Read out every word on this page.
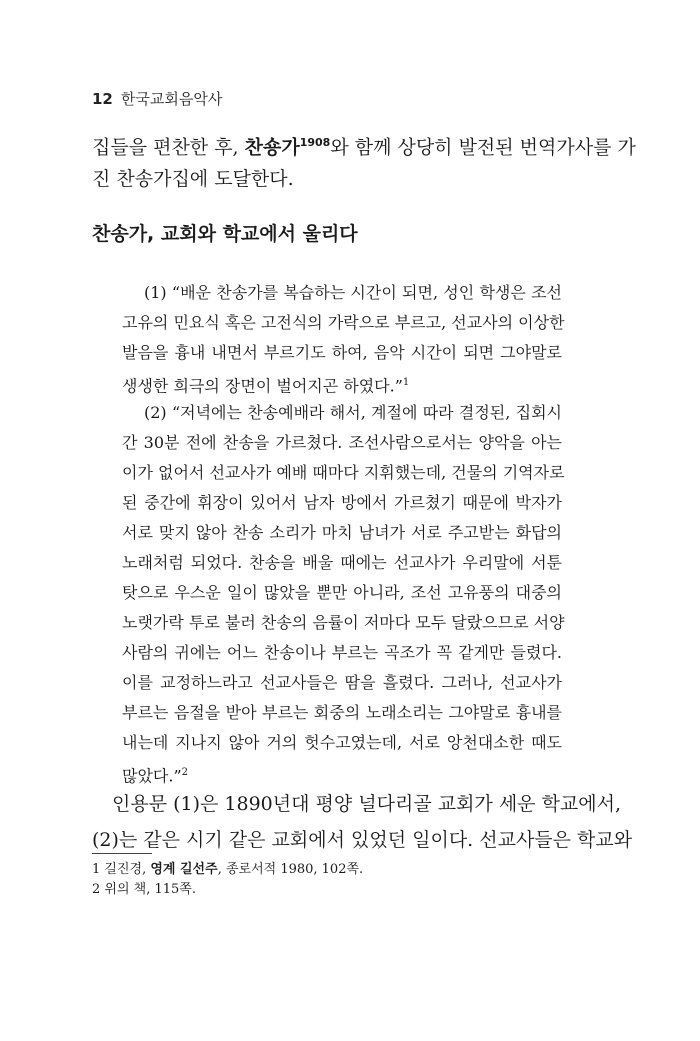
12 한국교회음악사
집들을 편찬한 후, 찬숑가$^{1908}$와 함께 상당히 발전된 번역가사를 가
진 찬송가집에 도달한다.
찬송가, 교회와 학교에서 울리다
(1) “배운 찬송가를 복습하는 시간이 되면, 성인 학생은 조선
고유의 민요식 혹은 고전식의 가락으로 부르고, 선교사의 이상한
발음을 흉내 내면서 부르기도 하여, 음악 시간이 되면 그야말로
생생한 희극의 장면이 벌어지곤 하였다.”$^1$
(2) “저녁에는 찬송예배라 해서, 계절에 따라 결정된, 집회시
간 30분 전에 찬송을 가르쳤다. 조선사람으로서는 양악을 아는
이가 없어서 선교사가 예배 때마다 지휘했는데, 건물의 기역자로
된 중간에 휘장이 있어서 남자 방에서 가르쳤기 때문에 박자가
서로 맞지 않아 찬송 소리가 마치 남녀가 서로 주고받는 화답의
노래처럼 되었다. 찬송을 배울 때에는 선교사가 우리말에 서툰
탓으로 우스운 일이 많았을 뿐만 아니라, 조선 고유풍의 대중의
노랫가락 투로 불러 찬송의 음률이 저마다 모두 달랐으므로 서양
사람의 귀에는 어느 찬송이나 부르는 곡조가 꼭 같게만 들렸다.
이를 교정하느라고 선교사들은 땀을 흘렸다. 그러나, 선교사가
부르는 음절을 받아 부르는 회중의 노래소리는 그야말로 흉내를
내는데 지나지 않아 거의 헛수고였는데, 서로 앙천대소한 때도
많았다.”$^2$
인용문 (1)은 1890년대 평양 널다리골 교회가 세운 학교에서,
(2)는 같은 시기 같은 교회에서 있었던 일이다. 선교사들은 학교와
1 길진경, 영계 길선주, 종로서적 1980, 102쪽.
2 위의 책, 115쪽.
